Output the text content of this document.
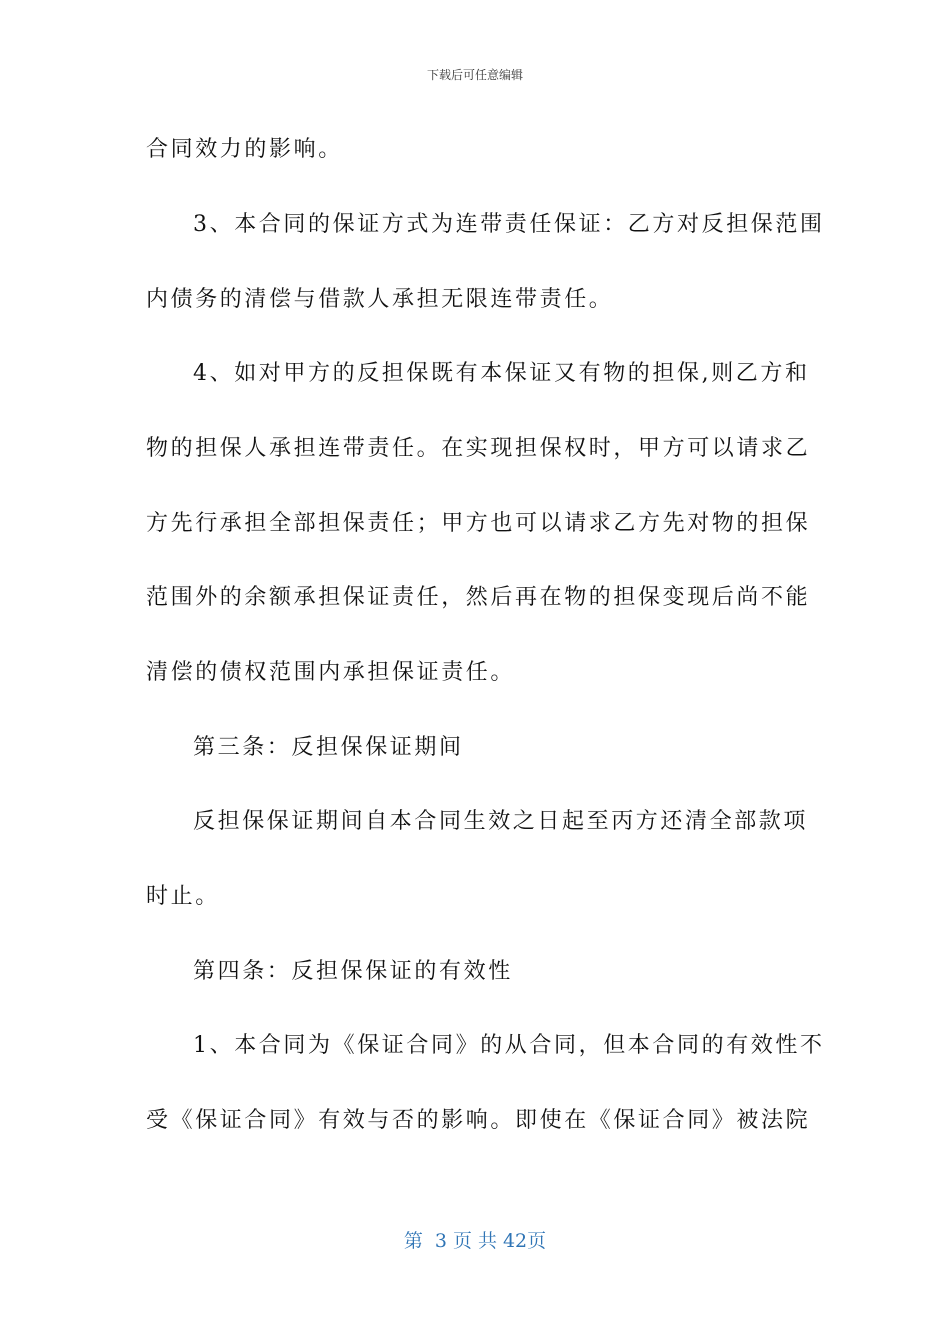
下载后可任意编辑
合同效力的影响。
3、本合同的保证方式为连带责任保证：乙方对反担保范围
内债务的清偿与借款人承担无限连带责任。
4、如对甲方的反担保既有本保证又有物的担保,则乙方和
物的担保人承担连带责任。在实现担保权时，甲方可以请求乙
方先行承担全部担保责任；甲方也可以请求乙方先对物的担保
范围外的余额承担保证责任，然后再在物的担保变现后尚不能
清偿的债权范围内承担保证责任。
第三条：反担保保证期间
反担保保证期间自本合同生效之日起至丙方还清全部款项
时止。
第四条：反担保保证的有效性
1、本合同为《保证合同》的从合同，但本合同的有效性不
受《保证合同》有效与否的影响。即使在《保证合同》被法院
第 3 页 共 42页
